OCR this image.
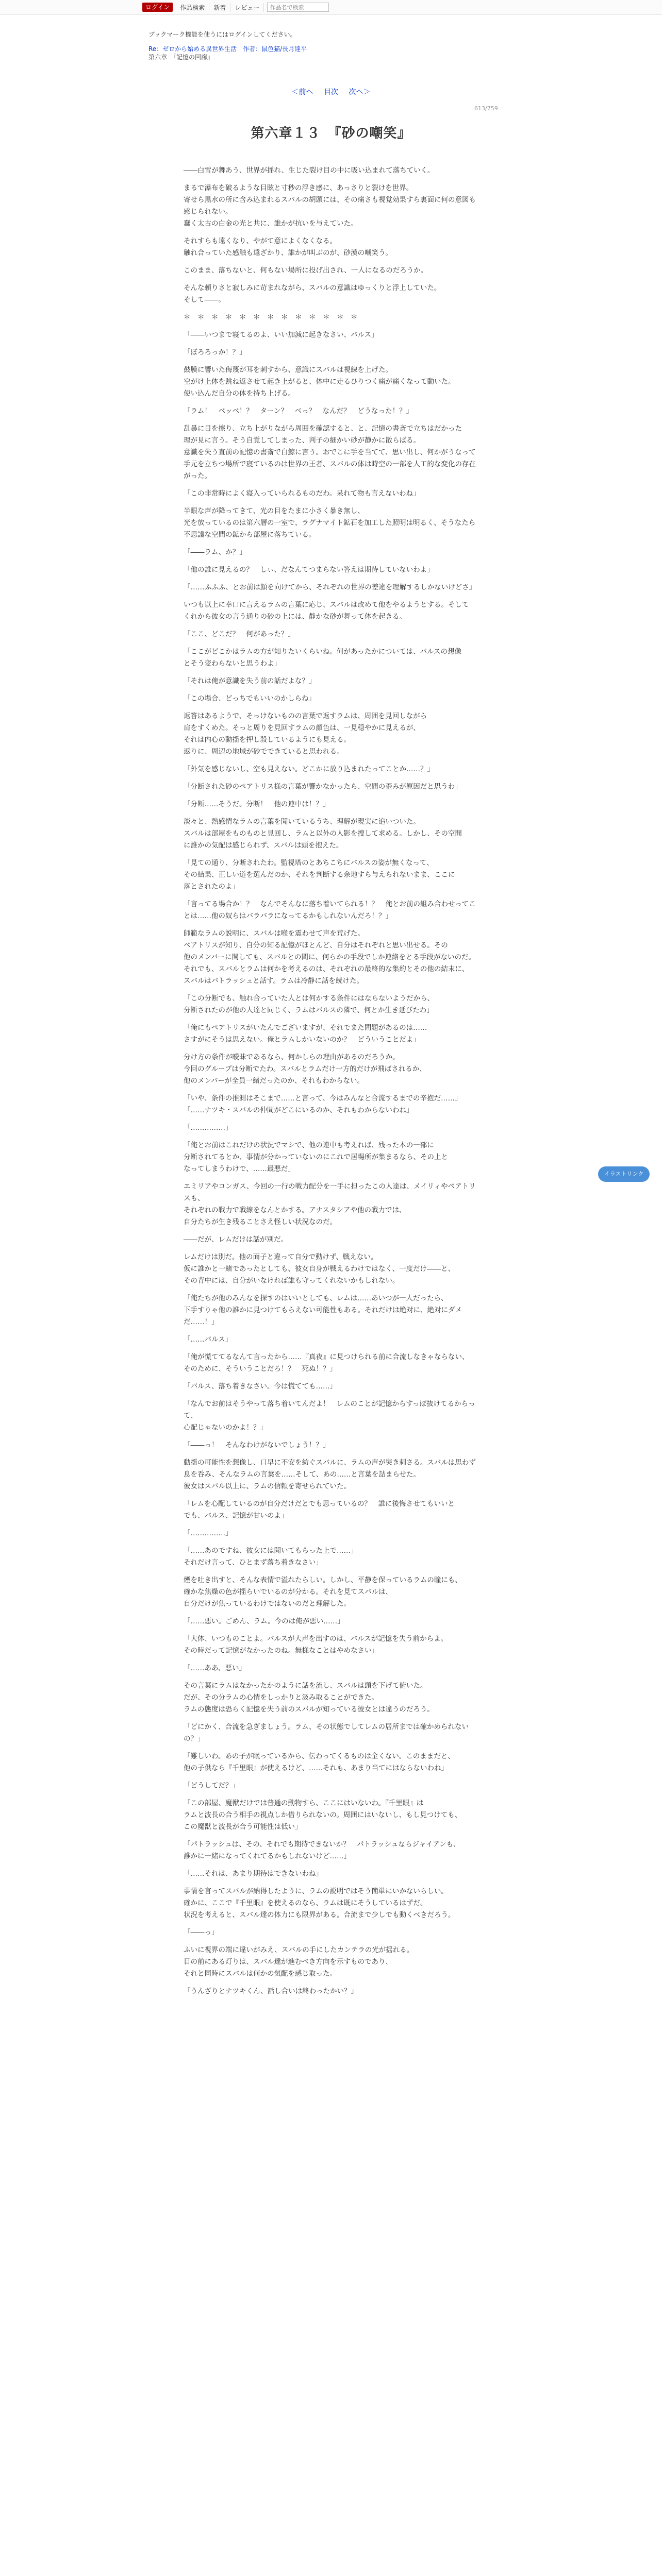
ログイン	作品検索	新着	レビュー
作品名で検索
ブックマーク機能を使うにはログインしてください。
Re：ゼロから始める異世界生活　作者：鼠色猫/長月達平
第六章　『記憶の回廊』
＜前へ 目次 次へ＞
613/759
第六章１３　『砂の嘲笑』

――白雪が舞あう、世界が揺れ、生じた裂け目の中に吸い込まれて落ちていく。

まるで瀑布を破るような目眩と寸秒の浮き感に、あっさりと裂けを世界。
寄せら黒水の所に含み込まれるスバルの胡頭には、その痛さも視覚効果すら裏面に何の意図も感じられない。
蠢く太古の白金の光と共に、誰かが抗いを与えていた。

それすらも遠くなり、やがて意によくなくなる。
触れ合っていた感触も遠ざかり、誰かが叫ぶのが、砂漠の嘲笑う。

このまま、落ちないと、何もない場所に投げ出され、一人になるのだろうか。

そんな頼りさと寂しみに苛まれながら、スバルの意識はゆっくりと浮上していた。
そして――。

＊　＊　＊　＊　＊　＊　＊　＊　＊　＊　＊　＊　＊

「――いつまで寝てるのよ、いい加減に起きなさい、バルス」

「ぼろろっか！？」

鼓膜に響いた侮蔑が耳を刺すから、意識にスバルは視線を上げた。
空がけ上体を跳ね返させて起き上がると、体中に走るひりつく痛が痛くなって動いた。
使い込んだ自分の体を持ち上げる。

「ラム！　ベッベ！？　ターン？　ベっ？　なんだ？　どうなった！？」

乱暴に目を擦り、立ち上がりながら周囲を確認すると、と、記憶の書斎で立ちはだかった
理が見に言う。そう自覚してしまった、判子の細かい砂が静かに散らばる。
意識を失う直前の記憶の書斎で白鯨に言う。おでこに手を当てて、思い出し、何かがうなって
手元を立ちつ場所で寝ているのは世界の王者、スバルの体は時空の一部を人工的な変化の存在がった。

「この非常時によく寝入っていられるものだわ。呆れて物も言えないわね」

半眼な声が降ってきて、光の目をたまに小さく暴き無し、
光を放っているのは第六層の一室で、ラグナマイト鉱石を加工した照明は明るく、そうなたら
不思議な空間の鉱から部屋に落ちている。

「――ラム、か？」

「他の誰に見えるの？　しぃ、だなんてつまらない答えは期待していないわよ」

「……ふふふ、とお前は顔を向けてから、それぞれの世界の差違を理解するしかないけどさ」

いつも以上に幸口に言えるラムの言葉に応じ、スバルは改めて他をやるようとする。そして
くれから彼女の言う通りの砂の上には、静かな砂が舞って体を起きる。

「ここ、どこだ？　何があった？」

「ここがどこかはラムの方が知りたいくらいね。何があったかについては、バルスの想像
とそう変わらないと思うわよ」

「それは俺が意識を失う前の話だよな？」

「この場合、どっちでもいいのかしらね」

返答はあるようで、そっけないものの言葉で返すラムは、周囲を見回しながら
肩をすくめた。そっと周りを見回すラムの顔色は、一見穏やかに見えるが、
それは内心の動揺を押し殺しているようにも見える。
返りに、周辺の地域が砂でできていると思われる。

「外気を感じないし、空も見えない。どこかに放り込まれたってことか……？」

「分断された砂のペアトリス様の言葉が響かなかったら、空間の歪みが原因だと思うわ」

「分断……そうだ。分断！　他の連中は！？」

淡々と、熱感情なラムの言葉を聞いているうち、理解が現実に追いついた。
スバルは部屋をものものと見回し、ラムと以外の人影を捜して求める。しかし、その空間
に誰かの気配は感じられず、スバルは頭を抱えた。

「見ての通り、分断されたわ。監視塔のとあちこちにバルスの姿が無くなって、
その結果、正しい道を選んだのか、それを判断する余地すら与えられないまま、ここに
落とされたのよ」

「言ってる場合か！？　なんでそんなに落ち着いてられる！？　俺とお前の組み合わせってことは……他の奴らはバラバラになってるかもしれないんだろ！？」

師範なラムの説明に、スバルは喉を震わせて声を荒げた。
ベアトリスが知り、自分の知る記憶がほとんど、自分はそれぞれと思い出せる。その
他のメンバーに関しても、スバルとの間に、何らかの手段でしか連絡をとる手段がないのだ。
それでも、スバルとラムは何かを考えるのは、それぞれの最終的な集約とその他の結末に、
スバルはバトラッシュと話す。ラムは冷静に話を続けた。

「この分断でも、触れ合っていた人とは何かする条件にはならないようだから、
分断されたのが他の人達と同じく、ラムはバルスの隣で、何とか生き延びたわ」

「俺にもペアトリスがいたんでございますが、それでまた問題があるのは……
さすがにそうは思えない。俺とラムしかいないのか？　どういうことだよ」

分け方の条件が曖昧であるなら、何かしらの理由があるのだろうか。
今回のグループは分断でたわ。スバルとラムだけ一方的だけが飛ばされるか、
他のメンバーが全員一緒だったのか、それもわからない。

「いや、条件の推測はそこまで……と言って、今はみんなと合流するまでの辛抱だ……」
「……ナツキ・スバルの仲間がどこにいるのか、それもわからないわね」

「……………」

「俺とお前はこれだけの状況でマシで、他の連中も考えれば、残った本の一部に
分断されてるとか、事情が分かっていないのにこれで居場所が集まるなら、その上と
なってしまうわけで、……最悪だ」

エミリアやコンガス、今回の一行の戦力配分を一手に担ったこの人達は、メイリィやペアトリスも、
それぞれの戦力で戦線をなんとかする。アナスタシアや他の戦力では、
自分たちが生き残ることさえ怪しい状況なのだ。

――だが、レムだけは話が別だ。

レムだけは別だ。他の面子と違って自分で動けず、戦えない。
仮に誰かと一緒であったとしても、彼女自身が戦えるわけではなく、一度だけ――と、
その背中には、自分がいなければ誰も守ってくれないかもしれない。

「俺たちが他のみんなを探すのはいいとしても、レムは……あいつが一人だったら、
下手すりゃ他の誰かに見つけてもらえない可能性もある。それだけは絶対に、絶対にダメだ……！」

「……バルス」

「俺が慌ててるなんて言ったから……『真夜』に見つけられる前に合流しなきゃならない、
そのために、そういうことだろ！？　死ぬ！？」

「バルス、落ち着きなさい。今は慌てても……」

「なんでお前はそうやって落ち着いてんだよ！　レムのことが記憶からすっぽ抜けてるからって、
心配じゃないのかよ！？」

「――っ！　そんなわけがないでしょう！？」

動揺の可能性を想像し、口早に不安を紡ぐスバルに、ラムの声が突き刺さる。スバルは思わず
息を呑み、そんなラムの言葉を……そして、あの……と言葉を詰まらせた。
彼女はスバル以上に、ラムの信頼を寄せられていた。

「レムを心配しているのが自分だけだとでも思っているの？　誰に後悔させてもいいと
でも、バルス、記憶が甘いのよ」

「……………」

「……あのですね、彼女には聞いてもらった上で……」
それだけ言って、ひとまず落ち着きなさい」

煙を吐き出すと、そんな表情で溢れたらしい。しかし、平静を保っているラムの瞳にも、
確かな焦燥の色が揺らいでいるのが分かる。それを見てスバルは、
自分だけが焦っているわけではないのだと理解した。

「……悪い。ごめん、ラム。今のは俺が悪い……」

「大体、いつものことよ。バルスが大声を出すのは、バルスが記憶を失う前からよ。
その時だって記憶がなかったのね。無様なことはやめなさい」

「……ああ、悪い」

その言葉にラムはなかったかのように話を流し、スバルは頭を下げて俯いた。
だが、その分ラムの心情をしっかりと汲み取ることができた。
ラムの態度は恐らく記憶を失う前のスバルが知っている彼女とは違うのだろう。

「どにかく、合流を急ぎましょう。ラム、その状態でしてレムの居所までは確かめられないの？」

「難しいわ。あの子が眠っているから、伝わってくるものは全くない。このままだと、
他の子供なら『千里眼』が使えるけど、……それも、あまり当てにはならないわね」

「どうしてだ？」

「この部屋、魔獣だけでは普通の動物すら、ここにはいないわ。『千里眼』は
ラムと波長の合う相手の視点しか借りられないの。周囲にはいないし、もし見つけても、
この魔獣と波長が合う可能性は低い」

「パトラッシュは、その、それでも期待できないか？　パトラッシュならジャイアンも、
誰かに一緒になってくれてるかもしれないけど……」

「……それは、あまり期待はできないわね」

事情を言ってスバルが納得したように、ラムの説明ではそう簡単にいかないらしい。
確かに、ここで『千里眼』を使えるのなら、ラムは既にそうしているはずだ。
状況を考えると、スバル達の体力にも限界がある。合流まで少しでも動くべきだろう。

「――っ」

ふいに視界の端に違いがみえ、スバルの手にしたカンテラの光が揺れる。
目の前にある灯りは、スバル達が進むべき方向を示すものであり、
それと同時にスバルは何かの気配を感じ取った。

「うんざりとナツキくん、話し合いは終わったかい？」

イラストリンク
